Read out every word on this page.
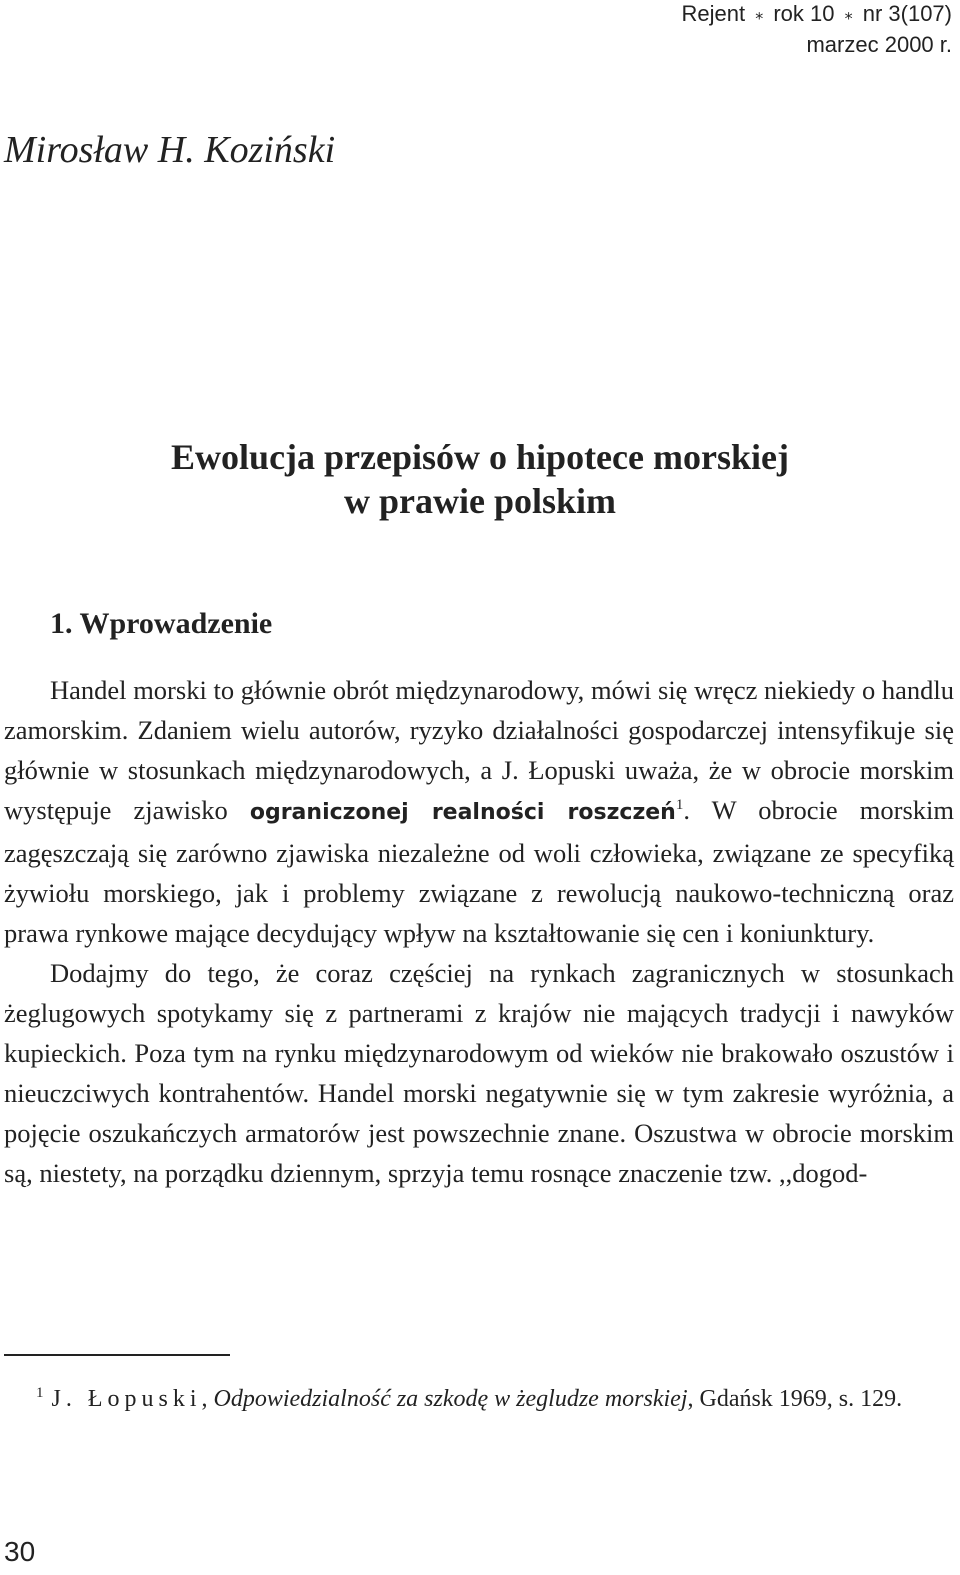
Rejent ⁎ rok 10 ⁎ nr 3(107)
marzec 2000 r.
Mirosław H. Koziński
Ewolucja przepisów o hipotece morskiej
w prawie polskim
1. Wprowadzenie

Handel morski to głównie obrót międzynarodowy, mówi się wręcz niekiedy o handlu zamorskim. Zdaniem wielu autorów, ryzyko działalności gospodarczej intensyfikuje się głównie w stosunkach międzynarodowych, a J. Łopuski uważa, że w obrocie morskim występuje zjawisko ograniczonej realności roszczeń$^1$. W obrocie morskim zagęszczają się zarówno zjawiska niezależne od woli człowieka, związane ze specyfiką żywiołu morskiego, jak i problemy związane z rewolucją naukowo-techniczną oraz prawa rynkowe mające decydujący wpływ na kształtowanie się cen i koniunktury.

Dodajmy do tego, że coraz częściej na rynkach zagranicznych w stosunkach żeglugowych spotykamy się z partnerami z krajów nie mających tradycji i nawyków kupieckich. Poza tym na rynku międzynarodowym od wieków nie brakowało oszustów i nieuczciwych kontrahentów. Handel morski negatywnie się w tym zakresie wyróżnia, a pojęcie oszukańczych armatorów jest powszechnie znane. Oszustwa w obrocie morskim są, niestety, na porządku dziennym, sprzyja temu rosnące znaczenie tzw. ,,dogod-

$^1$ J. Łopuski, Odpowiedzialność za szkodę w żegludze morskiej, Gdańsk 1969, s. 129.
30
